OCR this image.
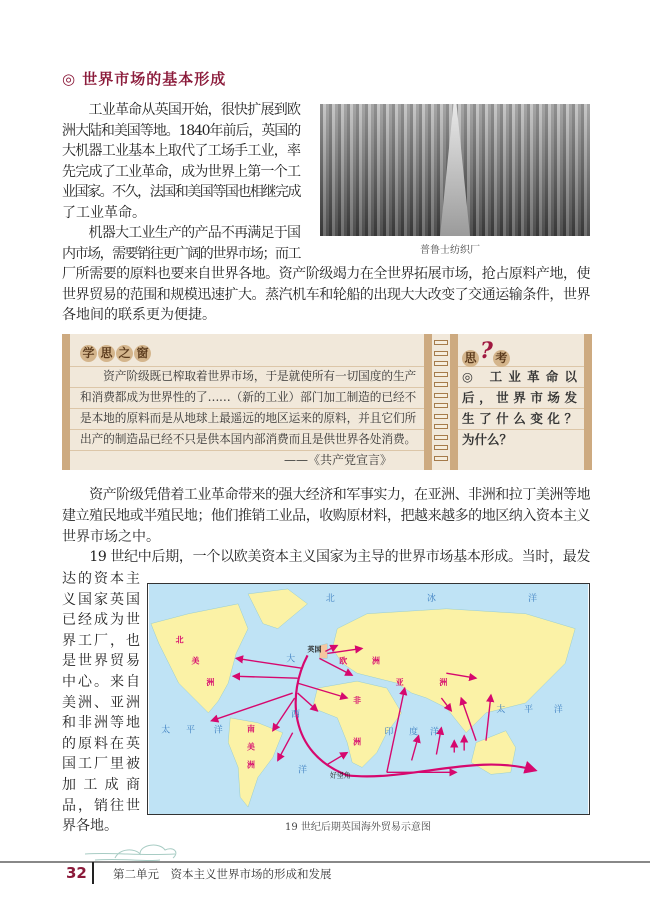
◎ 世界市场的基本形成
　　工业革命从英国开始，很快扩展到欧
洲大陆和美国等地。1840年前后，英国的
大机器工业基本上取代了工场手工业，率
先完成了工业革命，成为世界上第一个工
业国家。不久，法国和美国等国也相继完成
了工业革命。
　　机器大工业生产的产品不再满足于国
内市场，需要销往更广阔的世界市场；而工
厂所需要的原料也要来自世界各地。资产阶级竭力在全世界拓展市场，抢占原料产地，使
世界贸易的范围和规模迅速扩大。蒸汽机车和轮船的出现大大改变了交通运输条件，世界
各地间的联系更为便捷。
普鲁士纺织厂
学 思 之 窗
　　资产阶级既已榨取着世界市场，于是就使所有一切国度的生产
和消费都成为世界性的了……（新的工业）部门加工制造的已经不
是本地的原料而是从地球上最遥远的地区运来的原料，并且它们所
出产的制造品已经不只是供本国内部消费而且是供世界各处消费。
——《共产党宣言》
思 ? 考
◎ 工业革命以
后，世界市场发
生了什么变化？
为什么？
　　资产阶级凭借着工业革命带来的强大经济和军事实力，在亚洲、非洲和拉丁美洲等地
建立殖民地或半殖民地；他们推销工业品，收购原材料，把越来越多的地区纳入资本主义
世界市场之中。
　　19 世纪中后期，一个以欧美资本主义国家为主导的世界市场基本形成。当时，最发
达的资本主
义国家英国
已经成为世
界工厂，也
是世界贸易
中心。来自
美洲、亚洲
和非洲等地
的原料在英
国工厂里被
加 工 成 商
品，销往世
界各地。
北	冰	洋
大
西
洋
印 度 洋
太 平 洋
太 平 洋
北
美
洲
欧	洲
亚	洲
非
洲
南
美
洲
英国
好望角
19 世纪后期英国海外贸易示意图
32 第二单元　资本主义世界市场的形成和发展
